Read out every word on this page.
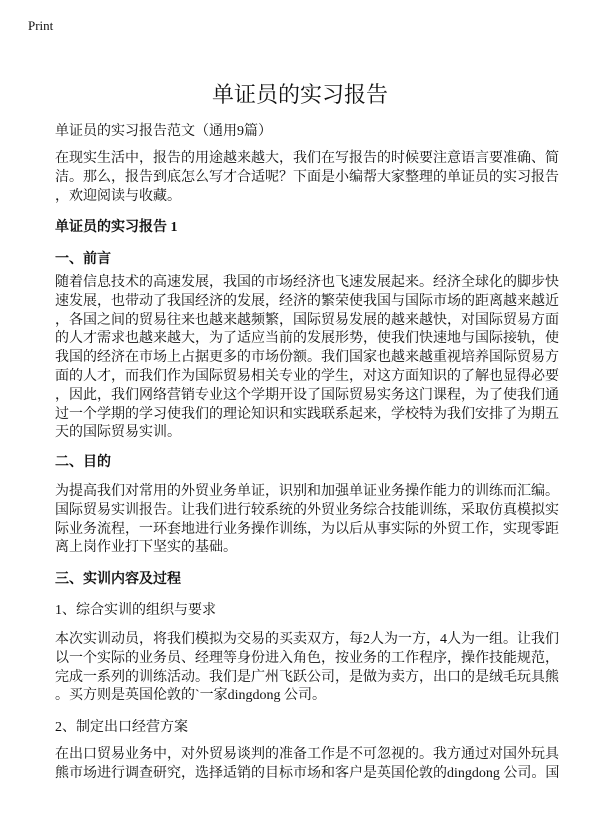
Print
单证员的实习报告
单证员的实习报告范文（通用9篇）
在现实生活中，报告的用途越来越大，我们在写报告的时候要注意语言要准确、简
洁。那么，报告到底怎么写才合适呢？下面是小编帮大家整理的单证员的实习报告
，欢迎阅读与收藏。
单证员的实习报告 1
一、前言
随着信息技术的高速发展，我国的市场经济也飞速发展起来。经济全球化的脚步快
速发展，也带动了我国经济的发展，经济的繁荣使我国与国际市场的距离越来越近
，各国之间的贸易往来也越来越频繁，国际贸易发展的越来越快，对国际贸易方面
的人才需求也越来越大，为了适应当前的发展形势，使我们快速地与国际接轨，使
我国的经济在市场上占据更多的市场份额。我们国家也越来越重视培养国际贸易方
面的人才，而我们作为国际贸易相关专业的学生，对这方面知识的了解也显得必要
，因此，我们网络营销专业这个学期开设了国际贸易实务这门课程，为了使我们通
过一个学期的学习使我们的理论知识和实践联系起来，学校特为我们安排了为期五
天的国际贸易实训。
二、目的
为提高我们对常用的外贸业务单证，识别和加强单证业务操作能力的训练而汇编。
国际贸易实训报告。让我们进行较系统的外贸业务综合技能训练，采取仿真模拟实
际业务流程，一环套地进行业务操作训练，为以后从事实际的外贸工作，实现零距
离上岗作业打下坚实的基础。
三、实训内容及过程
1、综合实训的组织与要求
本次实训动员，将我们模拟为交易的买卖双方，每2人为一方，4人为一组。让我们
以一个实际的业务员、经理等身份进入角色，按业务的工作程序，操作技能规范，
完成一系列的训练活动。我们是广州飞跃公司，是做为卖方，出口的是绒毛玩具熊
。买方则是英国伦敦的`一家dingdong 公司。
2、制定出口经营方案
在出口贸易业务中，对外贸易谈判的准备工作是不可忽视的。我方通过对国外玩具
熊市场进行调查研究，选择适销的目标市场和客户是英国伦敦的dingdong 公司。国
